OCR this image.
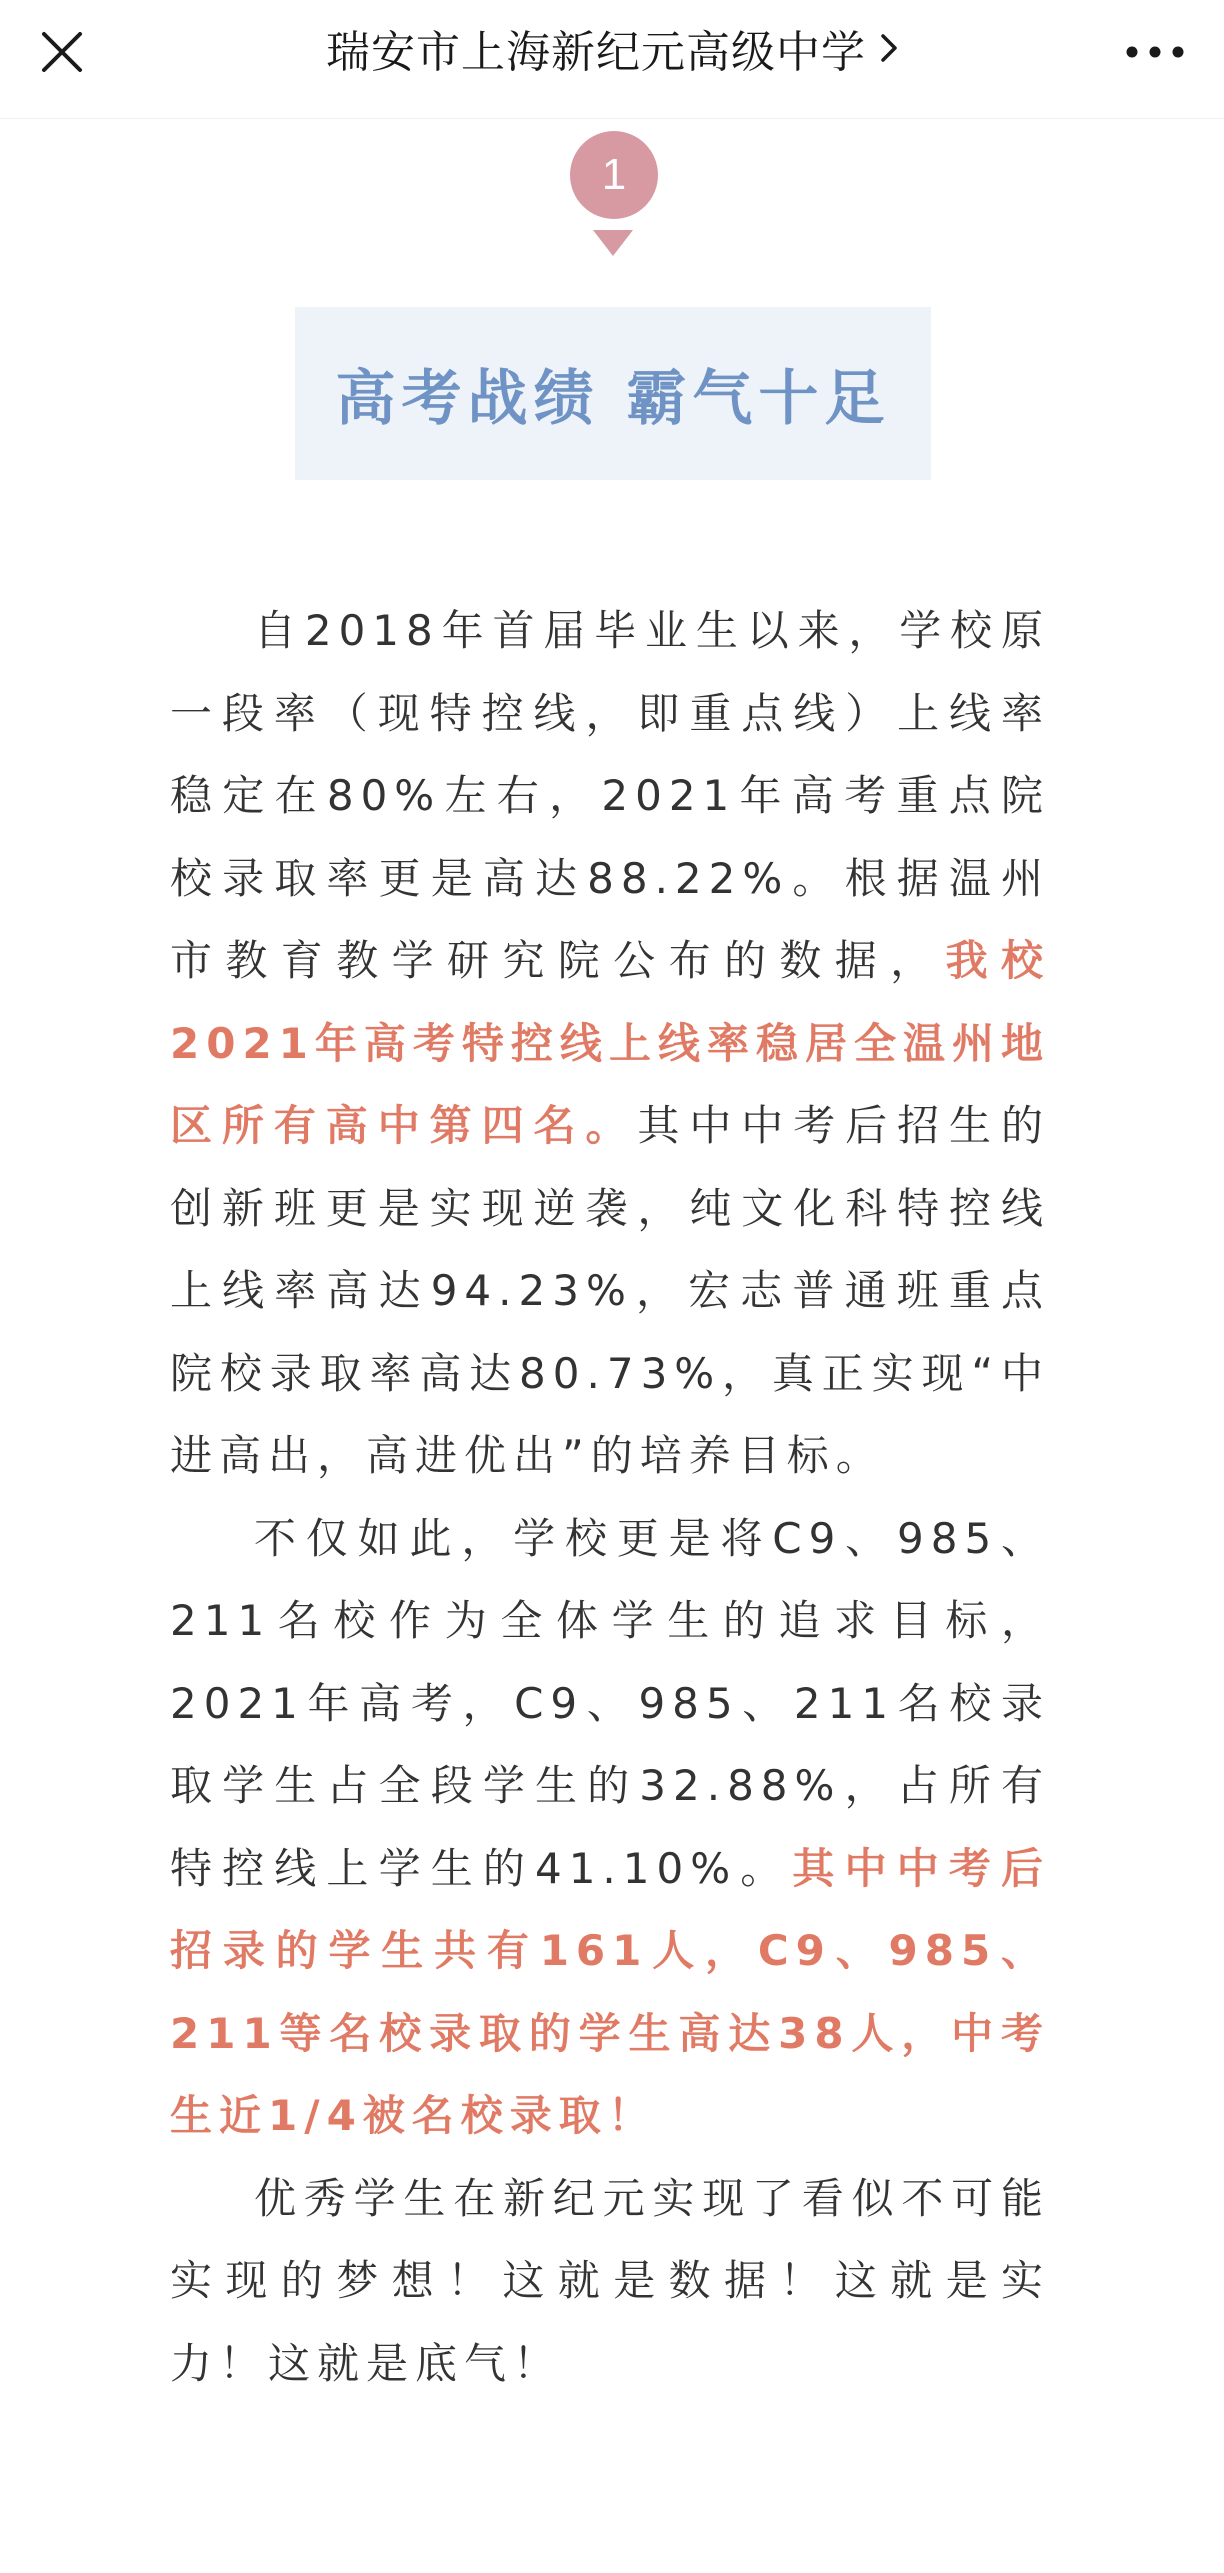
瑞安市上海新纪元高级中学
1
高考战绩 霸气十足

自2018年首届毕业生以来，学校原一段率（现特控线，即重点线）上线率稳定在80%左右，2021年高考重点院校录取率更是高达88.22%。根据温州市教育教学研究院公布的数据，我校2021年高考特控线上线率稳居全温州地区所有高中第四名。其中中考后招生的创新班更是实现逆袭，纯文化科特控线上线率高达94.23%，宏志普通班重点院校录取率高达80.73%，真正实现“中进高出，高进优出”的培养目标。

不仅如此，学校更是将C9、985、211名校作为全体学生的追求目标，2021年高考，C9、985、211名校录取学生占全段学生的32.88%，占所有特控线上学生的41.10%。其中中考后招录的学生共有161人，C9、985、211等名校录取的学生高达38人，中考生近1/4被名校录取！

优秀学生在新纪元实现了看似不可能实现的梦想！这就是数据！这就是实力！这就是底气！
